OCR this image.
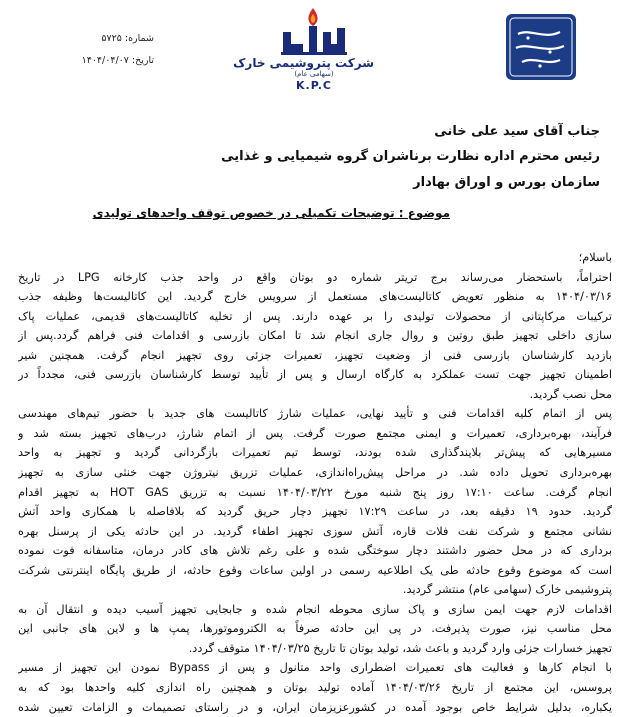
شماره: ۵۷۲۵
تاریخ: ۱۴۰۴/۰۴/۰۷	شرکت پتروشیمی خارک
(سهامی عام)
K.P.C
جناب آقای سید علی خانی
رئیس محترم اداره نظارت برناشران گروه شیمیایی و غذایی
سازمان بورس و اوراق بهادار
موضوع : توضیحات تکمیلی در خصوص توقف واحدهای تولیدی
باسلام؛
احتراماً، باستحضار می‌رساند برج تریتر شماره دو بوتان واقع در واحد جذب کارخانه LPG در تاریخ
۱۴۰۴/۰۳/۱۶ به منظور تعویض کاتالیست‌های مستعمل از سرویس خارج گردید. این کاتالیست‌ها وظیفه جذب
ترکیبات مرکاپتانی از محصولات تولیدی را بر عهده دارند. پس از تخلیه کاتالیست‌های قدیمی، عملیات پاک
سازی داخلی تجهیز طبق روتین و روال جاری انجام شد تا امکان بازرسی و اقدامات فنی فراهم گردد.پس از
بازدید کارشناسان بازرسی فنی از وضعیت تجهیز، تعمیرات جزئی روی تجهیز انجام گرفت. همچنین شیر
اطمینان تجهیز جهت تست عملکرد به کارگاه ارسال و پس از تأیید توسط کارشناسان بازرسی فنی، مجدداً در
محل نصب گردید.
پس از اتمام کلیه اقدامات فنی و تأیید نهایی، عملیات شارژ کاتالیست های جدید با حضور تیم‌های مهندسی
فرآیند، بهره‌برداری، تعمیرات و ایمنی مجتمع صورت گرفت. پس از اتمام شارژ، درب‌های تجهیز بسته شد و
مسیرهایی که پیش‌تر بلایند‌گذاری شده بودند، توسط تیم تعمیرات بازگردانی گردید و تجهیز به واحد
بهره‌برداری تحویل داده شد. در مراحل پیش‌راه‌اندازی، عملیات تزریق نیتروژن جهت خنثی سازی به تجهیز
انجام گرفت. ساعت ۱۷:۱۰ روز پنج شنبه مورخ ۱۴۰۴/۰۳/۲۲ نسبت به تزریق HOT GAS به تجهیز اقدام
گردید. حدود ۱۹ دقیقه بعد، در ساعت ۱۷:۲۹ تجهیز دچار حریق گردید که بلافاصله با همکاری واحد آتش
نشانی مجتمع و شرکت نفت فلات قاره، آتش سوزی تجهیز اطفاء گردید. در این حادثه یکی از پرسنل بهره
برداری که در محل حضور داشتند دچار سوختگی شده و علی رغم تلاش های کادر درمان، متاسفانه فوت نموده
است که موضوع وقوع حادثه طی یک اطلاعیه رسمی در اولین ساعات وقوع حادثه، از طریق پایگاه اینترنتی شرکت
پتروشیمی خارک (سهامی عام) منتشر گردید.
اقدامات لازم جهت ایمن سازی و پاک سازی محوطه انجام شده و جابجایی تجهیز آسیب دیده و انتقال آن به
محل مناسب نیز، صورت پذیرفت. در پی این حادثه صرفاً به الکتروموتورها، پمپ ها و لاین های جانبی این
تجهیز خسارات جزئی وارد گردید و باعث شد، تولید بوتان تا تاریخ ۱۴۰۴/۰۳/۲۵ متوقف گردد.
با انجام کارها و فعالیت های تعمیرات اضطراری واحد متانول و پس از Bypass نمودن این تجهیز از مسیر
پروسس، این مجتمع از تاریخ ۱۴۰۴/۰۳/۲۶ آماده تولید بوتان و همچنین راه اندازی کلیه واحدها بود که به
یکباره، بدلیل شرایط خاص بوجود آمده در کشورعزیزمان ایران، و در راستای تصمیمات و الزامات تعیین شده
